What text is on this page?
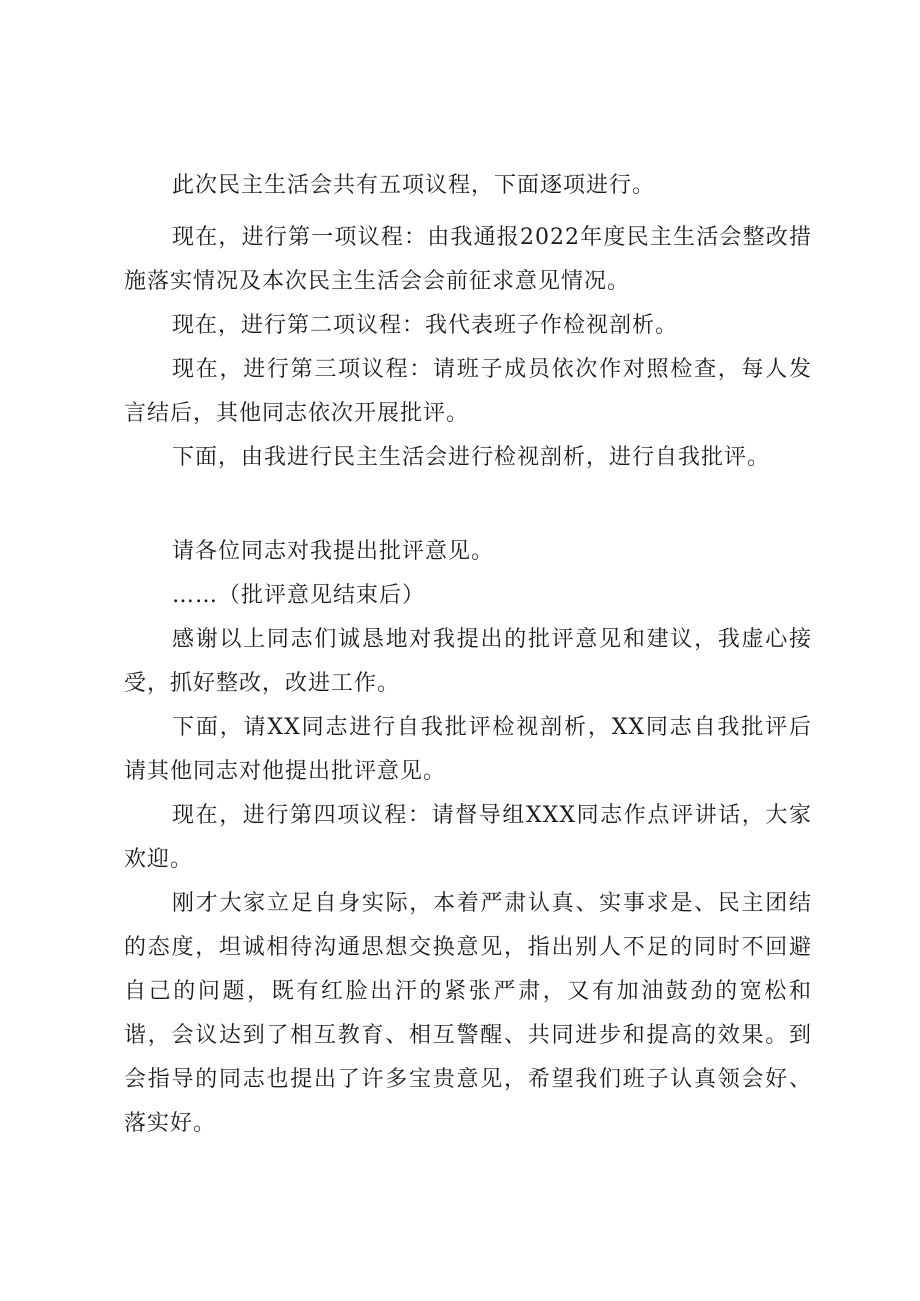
此次民主生活会共有五项议程，下面逐项进行。

现在，进行第一项议程：由我通报2022年度民主生活会整改措施落实情况及本次民主生活会会前征求意见情况。

现在，进行第二项议程：我代表班子作检视剖析。

现在，进行第三项议程：请班子成员依次作对照检查，每人发言结后，其他同志依次开展批评。

下面，由我进行民主生活会进行检视剖析，进行自我批评。

请各位同志对我提出批评意见。

……（批评意见结束后）

感谢以上同志们诚恳地对我提出的批评意见和建议，我虚心接受，抓好整改，改进工作。

下面，请XX同志进行自我批评检视剖析，XX同志自我批评后请其他同志对他提出批评意见。

现在，进行第四项议程：请督导组XXX同志作点评讲话，大家欢迎。

刚才大家立足自身实际，本着严肃认真、实事求是、民主团结的态度，坦诚相待沟通思想交换意见，指出别人不足的同时不回避自己的问题，既有红脸出汗的紧张严肃，又有加油鼓劲的宽松和谐，会议达到了相互教育、相互警醒、共同进步和提高的效果。到会指导的同志也提出了许多宝贵意见，希望我们班子认真领会好、落实好。
